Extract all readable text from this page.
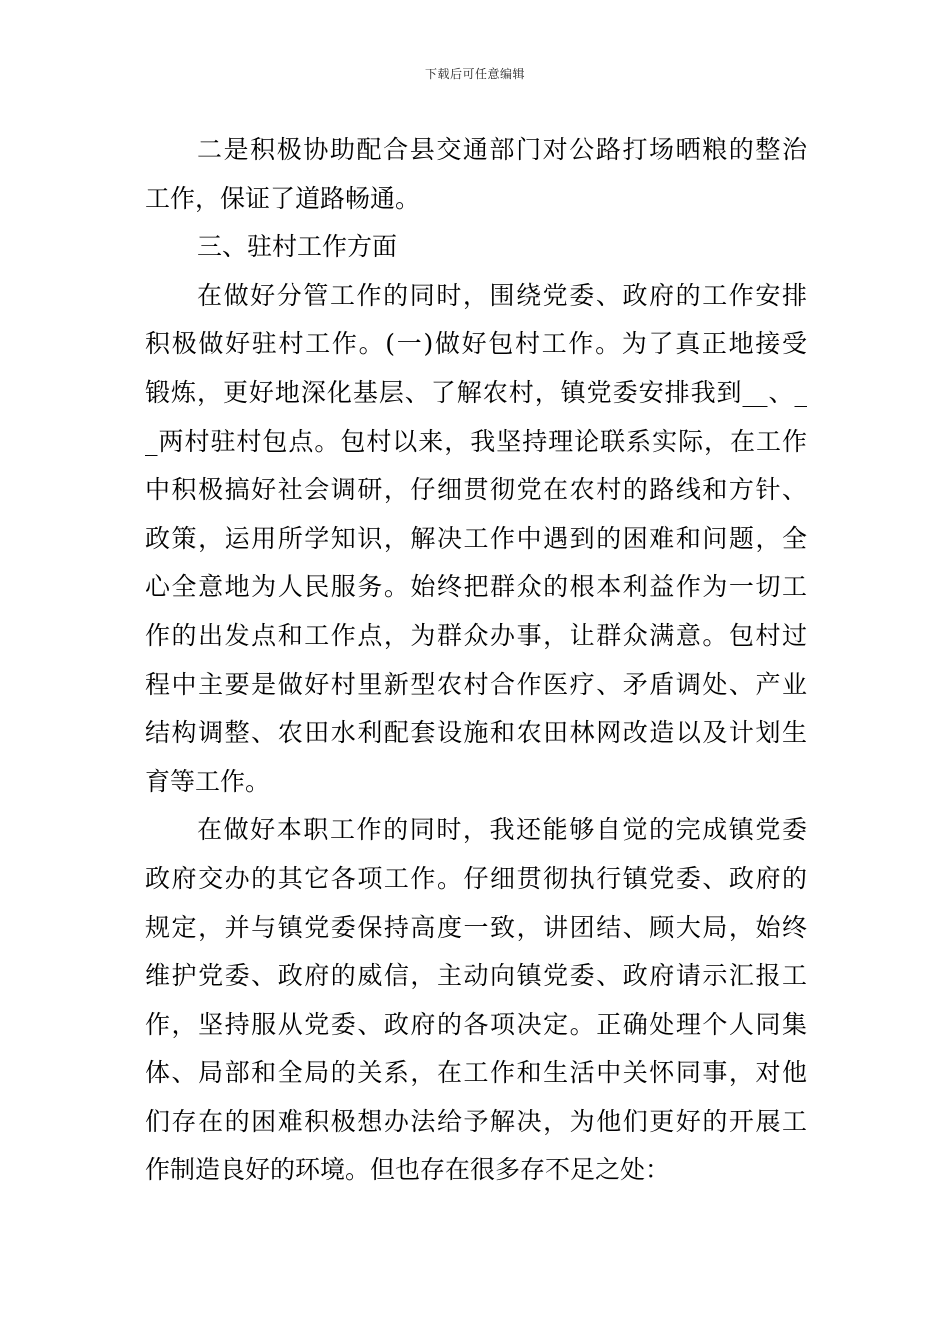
下载后可任意编辑
二是积极协助配合县交通部门对公路打场晒粮的整治
工作，保证了道路畅通。
三、驻村工作方面
在做好分管工作的同时，围绕党委、政府的工作安排
积极做好驻村工作。(一)做好包村工作。为了真正地接受
锻炼，更好地深化基层、了解农村，镇党委安排我到__、_
_两村驻村包点。包村以来，我坚持理论联系实际，在工作
中积极搞好社会调研，仔细贯彻党在农村的路线和方针、
政策，运用所学知识，解决工作中遇到的困难和问题，全
心全意地为人民服务。始终把群众的根本利益作为一切工
作的出发点和工作点，为群众办事，让群众满意。包村过
程中主要是做好村里新型农村合作医疗、矛盾调处、产业
结构调整、农田水利配套设施和农田林网改造以及计划生
育等工作。
在做好本职工作的同时，我还能够自觉的完成镇党委
政府交办的其它各项工作。仔细贯彻执行镇党委、政府的
规定，并与镇党委保持高度一致，讲团结、顾大局，始终
维护党委、政府的威信，主动向镇党委、政府请示汇报工
作，坚持服从党委、政府的各项决定。正确处理个人同集
体、局部和全局的关系，在工作和生活中关怀同事，对他
们存在的困难积极想办法给予解决，为他们更好的开展工
作制造良好的环境。但也存在很多存不足之处：
